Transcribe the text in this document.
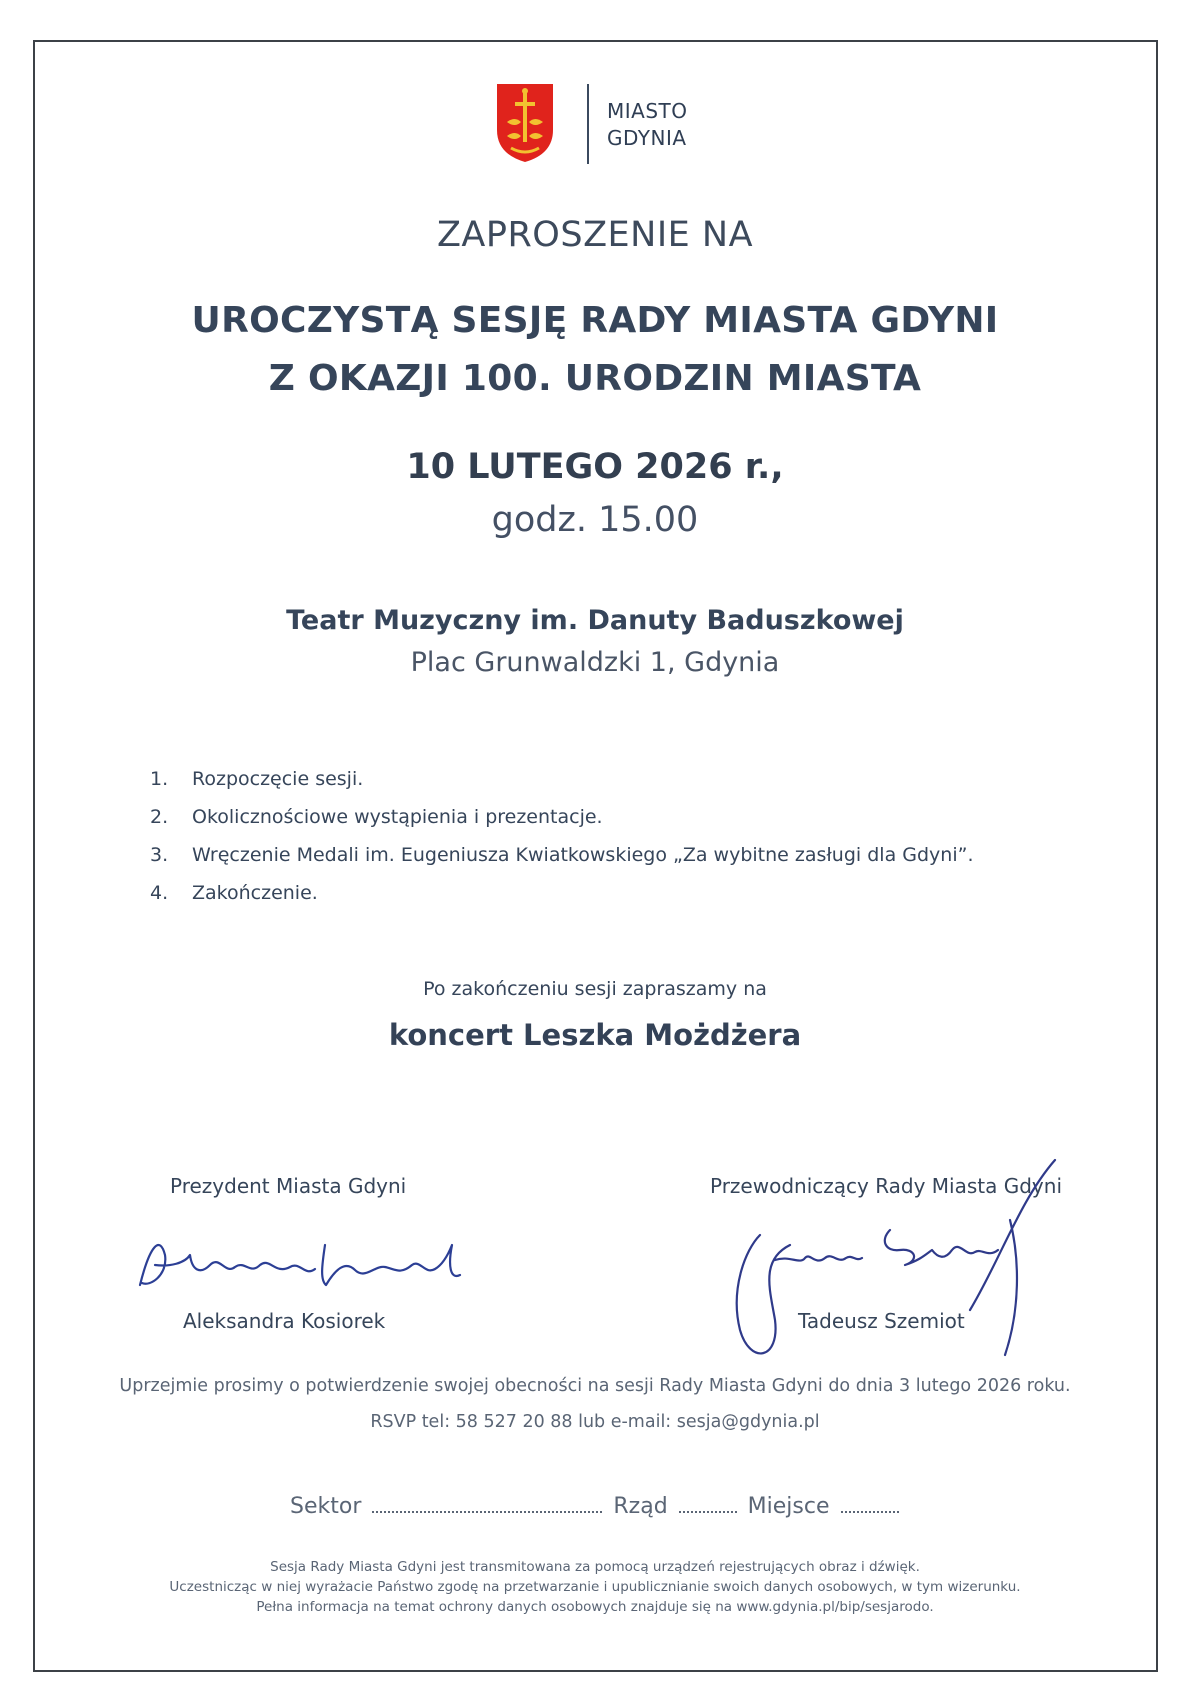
MIASTO
GDYNIA
ZAPROSZENIE NA
UROCZYSTĄ SESJĘ RADY MIASTA GDYNI
Z OKAZJI 100. URODZIN MIASTA
10 LUTEGO 2026 r.,
godz. 15.00
Teatr Muzyczny im. Danuty Baduszkowej
Plac Grunwaldzki 1, Gdynia
1.	Rozpoczęcie sesji.
2.	Okolicznościowe wystąpienia i prezentacje.
3.	Wręczenie Medali im. Eugeniusza Kwiatkowskiego „Za wybitne zasługi dla Gdyni”.
4.	Zakończenie.
Po zakończeniu sesji zapraszamy na
koncert Leszka Możdżera
Prezydent Miasta Gdyni	Przewodniczący Rady Miasta Gdyni
Aleksandra Kosiorek	Tadeusz Szemiot
Uprzejmie prosimy o potwierdzenie swojej obecności na sesji Rady Miasta Gdyni do dnia 3 lutego 2026 roku.
RSVP tel: 58 527 20 88 lub e-mail: sesja@gdynia.pl
Sektor	Rząd	Miejsce
Sesja Rady Miasta Gdyni jest transmitowana za pomocą urządzeń rejestrujących obraz i dźwięk.
Uczestnicząc w niej wyrażacie Państwo zgodę na przetwarzanie i upublicznianie swoich danych osobowych, w tym wizerunku.
Pełna informacja na temat ochrony danych osobowych znajduje się na www.gdynia.pl/bip/sesjarodo.
